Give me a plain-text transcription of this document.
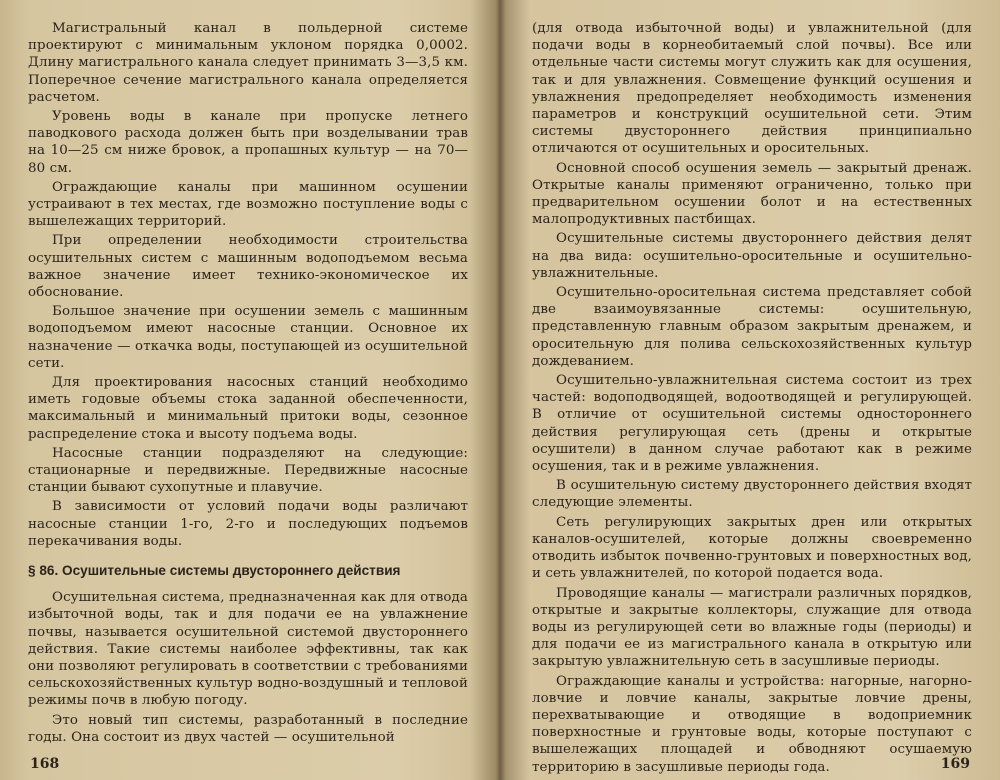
Магистральный канал в польдерной системе проектируют с минимальным уклоном порядка 0,0002. Длину магистрального канала следует принимать 3—3,5 км. Поперечное сечение магистрального канала определяется расчетом.

Уровень воды в канале при пропуске летнего паводкового расхода должен быть при возделывании трав на 10—25 см ниже бровок, а пропашных культур — на 70—80 см.

Ограждающие каналы при машинном осушении устраивают в тех местах, где возможно поступление воды с вышележащих территорий.

При определении необходимости строительства осушительных систем с машинным водоподъемом весьма важное значение имеет технико-экономическое их обоснование.

Большое значение при осушении земель с машинным водоподъемом имеют насосные станции. Основное их назначение — откачка воды, поступающей из осушительной сети.

Для проектирования насосных станций необходимо иметь годовые объемы стока заданной обеспеченности, максимальный и минимальный притоки воды, сезонное распределение стока и высоту подъема воды.

Насосные станции подразделяют на следующие: стационарные и передвижные. Передвижные насосные станции бывают сухопутные и плавучие.

В зависимости от условий подачи воды различают насосные станции 1-го, 2-го и последующих подъемов перекачивания воды.

§ 86. Осушительные системы двустороннего действия

Осушительная система, предназначенная как для отвода избыточной воды, так и для подачи ее на увлажнение почвы, называется осушительной системой двустороннего действия. Такие системы наиболее эффективны, так как они позволяют регулировать в соответствии с требованиями сельскохозяйственных культур водно-воздушный и тепловой режимы почв в любую погоду.

Это новый тип системы, разработанный в последние годы. Она состоит из двух частей — осушительной

168

(для отвода избыточной воды) и увлажнительной (для подачи воды в корнеобитаемый слой почвы). Все или отдельные части системы могут служить как для осушения, так и для увлажнения. Совмещение функций осушения и увлажнения предопределяет необходимость изменения параметров и конструкций осушительной сети. Этим системы двустороннего действия принципиально отличаются от осушительных и оросительных.

Основной способ осушения земель — закрытый дренаж. Открытые каналы применяют ограниченно, только при предварительном осушении болот и на естественных малопродуктивных пастбищах.

Осушительные системы двустороннего действия делят на два вида: осушительно-оросительные и осушительно-увлажнительные.

Осушительно-оросительная система представляет собой две взаимоувязанные системы: осушительную, представленную главным образом закрытым дренажем, и оросительную для полива сельскохозяйственных культур дождеванием.

Осушительно-увлажнительная система состоит из трех частей: водоподводящей, водоотводящей и регулирующей. В отличие от осушительной системы одностороннего действия регулирующая сеть (дрены и открытые осушители) в данном случае работают как в режиме осушения, так и в режиме увлажнения.

В осушительную систему двустороннего действия входят следующие элементы.

Сеть регулирующих закрытых дрен или открытых каналов-осушителей, которые должны своевременно отводить избыток почвенно-грунтовых и поверхностных вод, и сеть увлажнителей, по которой подается вода.

Проводящие каналы — магистрали различных порядков, открытые и закрытые коллекторы, служащие для отвода воды из регулирующей сети во влажные годы (периоды) и для подачи ее из магистрального канала в открытую или закрытую увлажнительную сеть в засушливые периоды.

Ограждающие каналы и устройства: нагорные, нагорно-ловчие и ловчие каналы, закрытые ловчие дрены, перехватывающие и отводящие в водоприемник поверхностные и грунтовые воды, которые поступают с вышележащих площадей и обводняют осушаемую территорию в засушливые периоды года.	169
